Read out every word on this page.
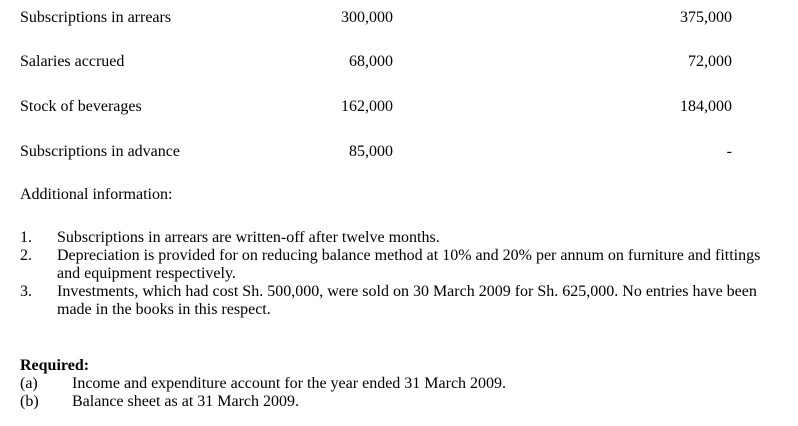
Subscriptions in arrears	300,000	375,000
Salaries accrued	68,000	72,000
Stock of beverages	162,000	184,000
Subscriptions in advance	85,000	-
Additional information:
1. Subscriptions in arrears are written-off after twelve months.
2. Depreciation is provided for on reducing balance method at 10% and 20% per annum on furniture and fittings and equipment respectively.
3. Investments, which had cost Sh. 500,000, were sold on 30 March 2009 for Sh. 625,000. No entries have been made in the books in this respect.
Required:
(a) Income and expenditure account for the year ended 31 March 2009.
(b) Balance sheet as at 31 March 2009.
